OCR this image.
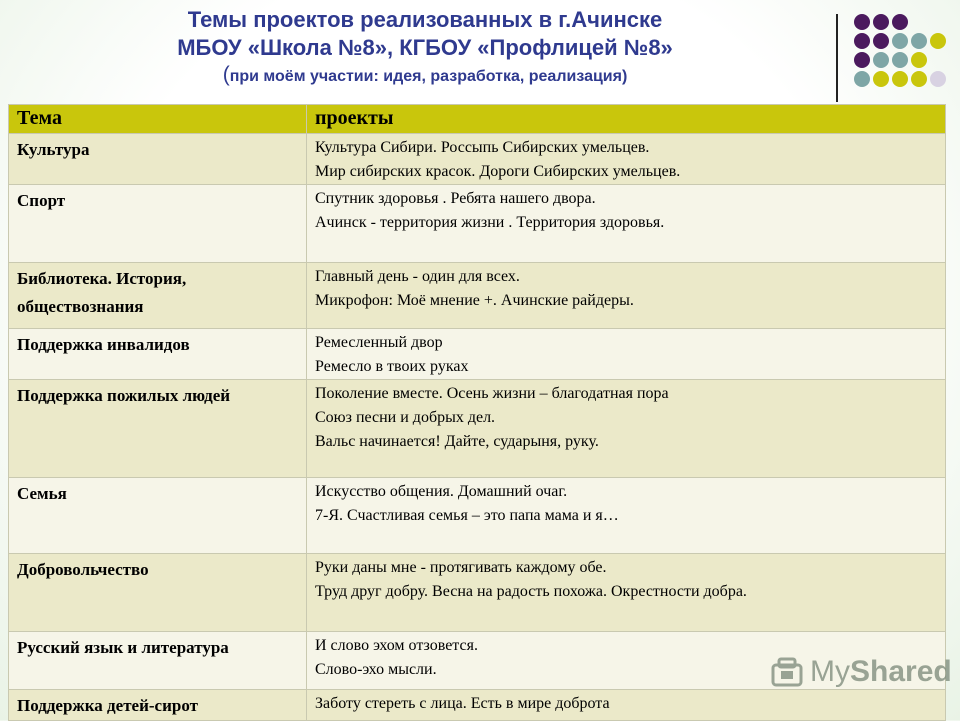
Темы проектов реализованных в г.Ачинске
МБОУ «Школа №8», КГБОУ «Профлицей №8»
(при моём участии: идея, разработка, реализация)
Тема	проекты
Культура	Культура Сибири. Россыпь Сибирских умельцев.
Мир сибирских красок. Дороги Сибирских умельцев.
Спорт	Спутник здоровья . Ребята нашего двора.
Ачинск - территория жизни . Территория здоровья.
Библиотека. История, обществознания	Главный день - один для всех.
Микрофон: Моё мнение +. Ачинские райдеры.
Поддержка инвалидов	Ремесленный двор
Ремесло в твоих руках
Поддержка пожилых людей	Поколение вместе. Осень жизни – благодатная пора
Союз песни и добрых дел.
Вальс начинается! Дайте, сударыня, руку.
Семья	Искусство общения. Домашний очаг.
7-Я. Счастливая семья – это папа мама и я…
Добровольчество	Руки даны мне - протягивать каждому обе.
Труд друг добру. Весна на радость похожа. Окрестности добра.
Русский язык и литература	И слово эхом отзовется.
Слово-эхо мысли.
Поддержка детей-сирот	Заботу стереть с лица. Есть в мире доброта
MyShared
